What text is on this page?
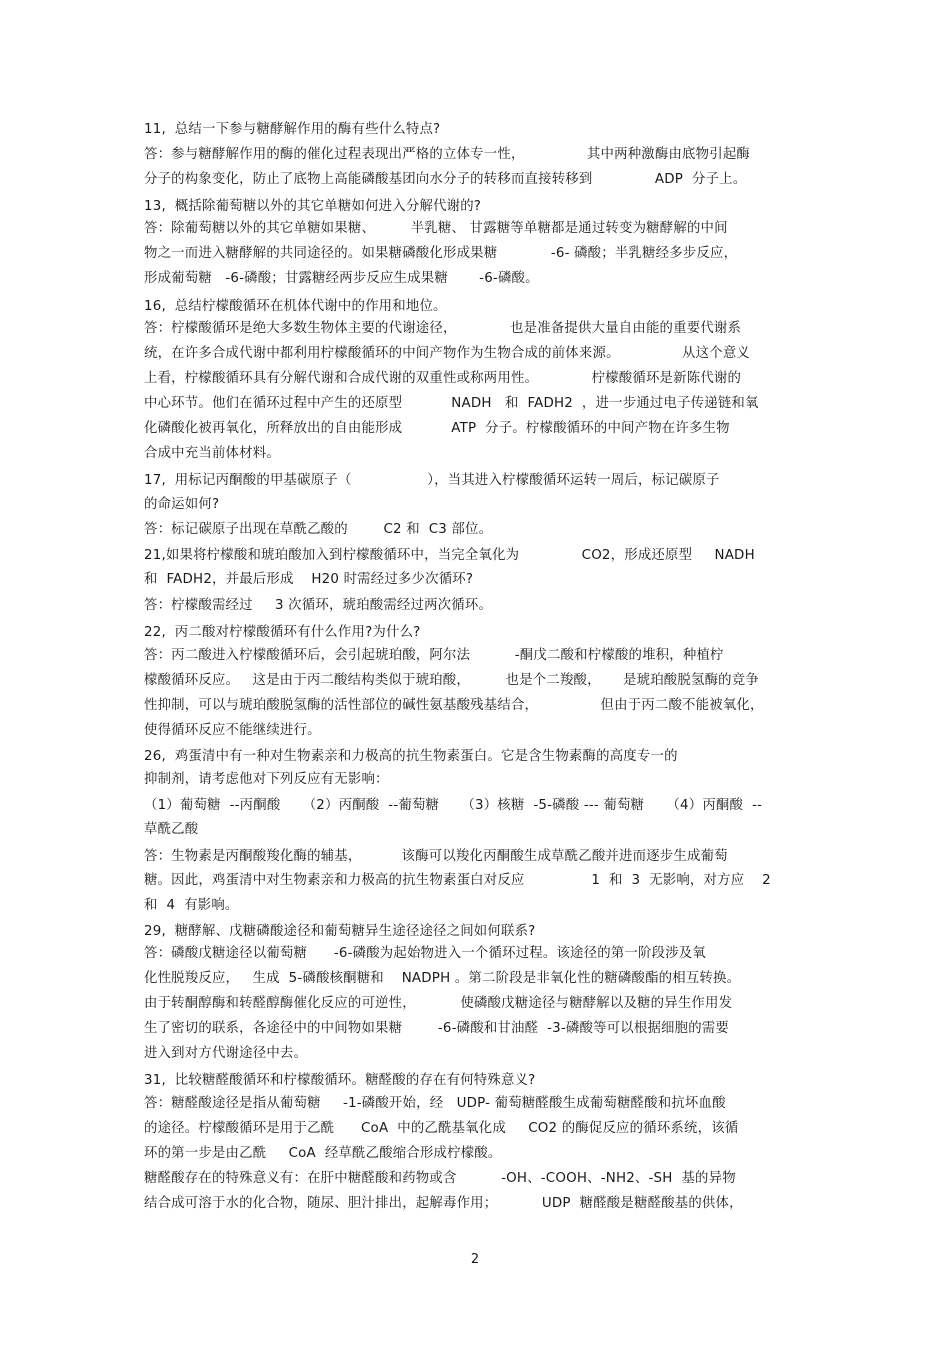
11,  总结一下参与糖酵解作用的酶有些什么特点?
答：参与糖酵解作用的酶的催化过程表现出严格的立体专一性，              其中两种激酶由底物引起酶
分子的构象变化，防止了底物上高能磷酸基团向水分子的转移而直接转移到              ADP  分子上。
13,  概括除葡萄糖以外的其它单糖如何进入分解代谢的?
答：除葡萄糖以外的其它单糖如果糖、        半乳糖、 甘露糖等单糖都是通过转变为糖酵解的中间
物之一而进入糖酵解的共同途径的。如果糖磷酸化形成果糖            -6- 磷酸；半乳糖经多步反应，
形成葡萄糖   -6-磷酸；甘露糖经两步反应生成果糖       -6-磷酸。
16,  总结柠檬酸循环在机体代谢中的作用和地位。
答：柠檬酸循环是绝大多数生物体主要的代谢途径，            也是准备提供大量自由能的重要代谢系
统，在许多合成代谢中都利用柠檬酸循环的中间产物作为生物合成的前体来源。              从这个意义
上看，柠檬酸循环具有分解代谢和合成代谢的双重性或称两用性。            柠檬酸循环是新陈代谢的
中心环节。他们在循环过程中产生的还原型           NADH   和  FADH2  ，进一步通过电子传递链和氧
化磷酸化被再氧化，所释放出的自由能形成           ATP  分子。柠檬酸循环的中间产物在许多生物
合成中充当前体材料。
17,  用标记丙酮酸的甲基碳原子（                 ），当其进入柠檬酸循环运转一周后，标记碳原子
的命运如何?
答：标记碳原子出现在草酰乙酸的        C2 和  C3 部位。
21,如果将柠檬酸和琥珀酸加入到柠檬酸循环中，当完全氧化为              CO2，形成还原型     NADH
和  FADH2，并最后形成    H20 时需经过多少次循环?
答：柠檬酸需经过     3 次循环，琥珀酸需经过两次循环。
22,  丙二酸对柠檬酸循环有什么作用?为什么?
答：丙二酸进入柠檬酸循环后，会引起琥珀酸，阿尔法          -酮戊二酸和柠檬酸的堆积，种植柠
檬酸循环反应。   这是由于丙二酸结构类似于琥珀酸，        也是个二羧酸，     是琥珀酸脱氢酶的竞争
性抑制，可以与琥珀酸脱氢酶的活性部位的碱性氨基酸残基结合，              但由于丙二酸不能被氧化，
使得循环反应不能继续进行。
26,  鸡蛋清中有一种对生物素亲和力极高的抗生物素蛋白。它是含生物素酶的高度专一的
抑制剂，请考虑他对下列反应有无影响：
（1）葡萄糖  --丙酮酸     （2）丙酮酸  --葡萄糖     （3）核糖  -5-磷酸 --- 葡萄糖     （4）丙酮酸  --
草酰乙酸
答：生物素是丙酮酸羧化酶的辅基，         该酶可以羧化丙酮酸生成草酰乙酸并进而逐步生成葡萄
糖。因此，鸡蛋清中对生物素亲和力极高的抗生物素蛋白对反应               1  和  3  无影响，对方应    2
和  4  有影响。
29,  糖酵解、戊糖磷酸途径和葡萄糖异生途径途径之间如何联系?
答：磷酸戊糖途径以葡萄糖      -6-磷酸为起始物进入一个循环过程。该途径的第一阶段涉及氧
化性脱羧反应，   生成  5-磷酸核酮糖和    NADPH 。第二阶段是非氧化性的糖磷酸酯的相互转换。
由于转酮醇酶和转醛醇酶催化反应的可逆性，          使磷酸戊糖途径与糖酵解以及糖的异生作用发
生了密切的联系，各途径中的中间物如果糖        -6-磷酸和甘油醛  -3-磷酸等可以根据细胞的需要
进入到对方代谢途径中去。
31,  比较糖醛酸循环和柠檬酸循环。糖醛酸的存在有何特殊意义?
答：糖醛酸途径是指从葡萄糖     -1-磷酸开始，经   UDP- 葡萄糖醛酸生成葡萄糖醛酸和抗坏血酸
的途径。柠檬酸循环是用于乙酰      CoA  中的乙酰基氧化成     CO2 的酶促反应的循环系统，该循
环的第一步是由乙酰     CoA  经草酰乙酸缩合形成柠檬酸。
糖醛酸存在的特殊意义有：在肝中糖醛酸和药物或含          -OH、-COOH、-NH2、-SH  基的异物
结合成可溶于水的化合物，随尿、胆汁排出，起解毒作用；          UDP  糖醛酸是糖醛酸基的供体，
2
